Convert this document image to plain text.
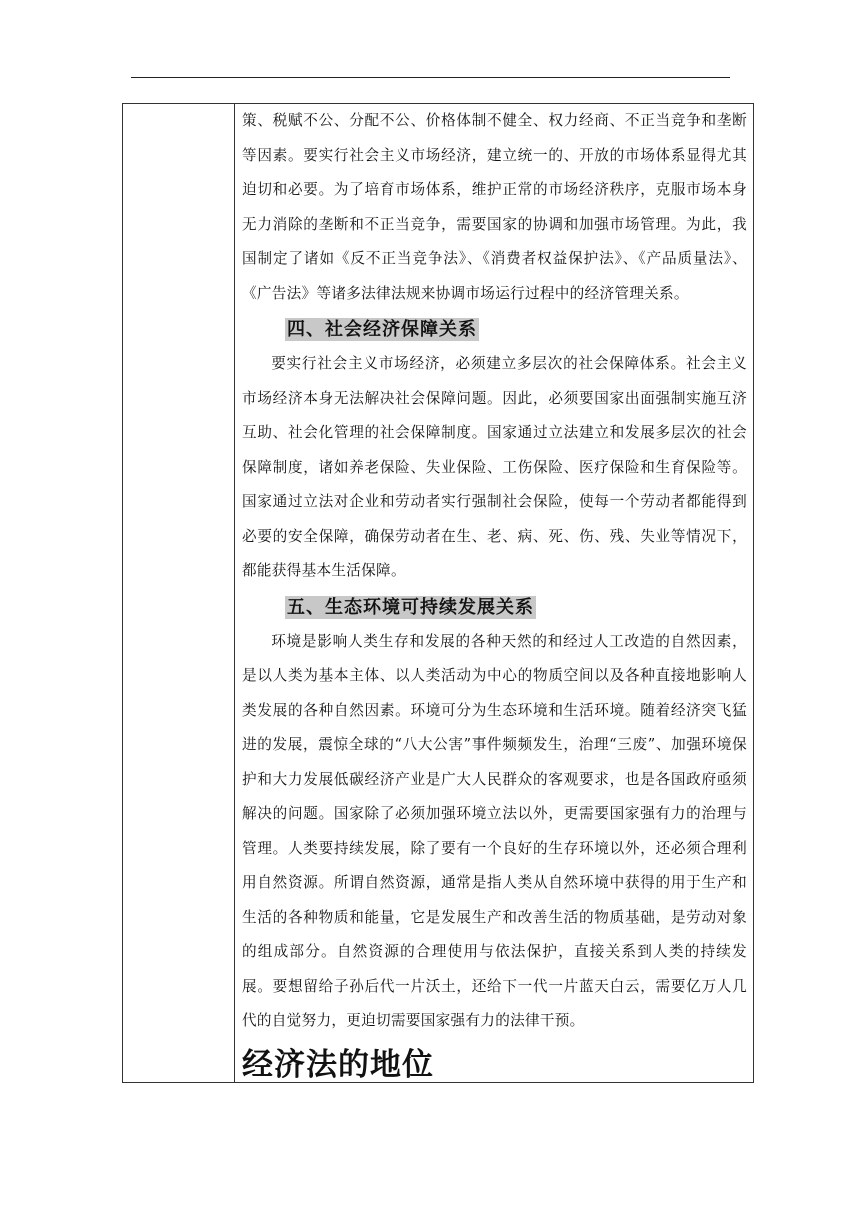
策、税赋不公、分配不公、价格体制不健全、权力经商、不正当竞争和垄断等因素。要实行社会主义市场经济，建立统一的、开放的市场体系显得尤其迫切和必要。为了培育市场体系，维护正常的市场经济秩序，克服市场本身无力消除的垄断和不正当竞争，需要国家的协调和加强市场管理。为此，我国制定了诸如《反不正当竞争法》、《消费者权益保护法》、《产品质量法》、《广告法》等诸多法律法规来协调市场运行过程中的经济管理关系。

四、社会经济保障关系

要实行社会主义市场经济，必须建立多层次的社会保障体系。社会主义市场经济本身无法解决社会保障问题。因此，必须要国家出面强制实施互济互助、社会化管理的社会保障制度。国家通过立法建立和发展多层次的社会保障制度，诸如养老保险、失业保险、工伤保险、医疗保险和生育保险等。国家通过立法对企业和劳动者实行强制社会保险，使每一个劳动者都能得到必要的安全保障，确保劳动者在生、老、病、死、伤、残、失业等情况下，都能获得基本生活保障。

五、生态环境可持续发展关系

环境是影响人类生存和发展的各种天然的和经过人工改造的自然因素，是以人类为基本主体、以人类活动为中心的物质空间以及各种直接地影响人类发展的各种自然因素。环境可分为生态环境和生活环境。随着经济突飞猛进的发展，震惊全球的“八大公害”事件频频发生，治理“三废”、加强环境保护和大力发展低碳经济产业是广大人民群众的客观要求，也是各国政府亟须解决的问题。国家除了必须加强环境立法以外，更需要国家强有力的治理与管理。人类要持续发展，除了要有一个良好的生存环境以外，还必须合理利用自然资源。所谓自然资源，通常是指人类从自然环境中获得的用于生产和生活的各种物质和能量，它是发展生产和改善生活的物质基础，是劳动对象的组成部分。自然资源的合理使用与依法保护，直接关系到人类的持续发展。要想留给子孙后代一片沃土，还给下一代一片蓝天白云，需要亿万人几代的自觉努力，更迫切需要国家强有力的法律干预。

经济法的地位
